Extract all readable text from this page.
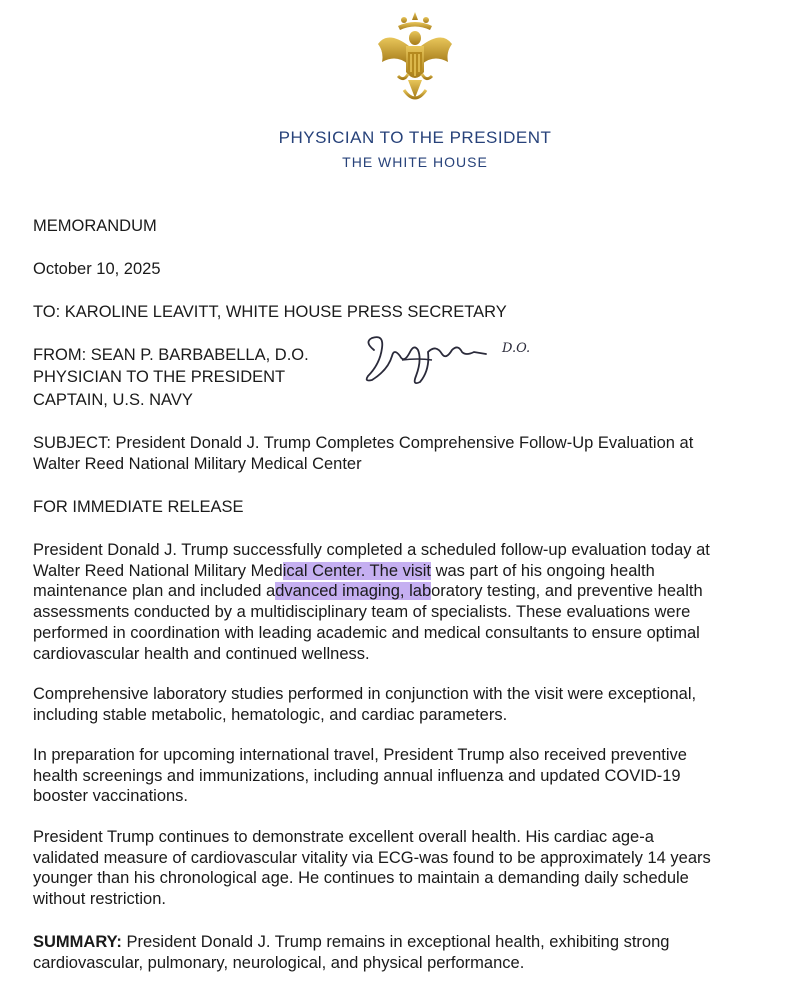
PHYSICIAN TO THE PRESIDENT
THE WHITE HOUSE
MEMORANDUM
October 10, 2025
TO: KAROLINE LEAVITT, WHITE HOUSE PRESS SECRETARY
FROM: SEAN P. BARBABELLA, D.O.
PHYSICIAN TO THE PRESIDENT
CAPTAIN, U.S. NAVY
D.O.

SUBJECT: President Donald J. Trump Completes Comprehensive Follow-Up Evaluation at

Walter Reed National Military Medical Center

FOR IMMEDIATE RELEASE

President Donald J. Trump successfully completed a scheduled follow-up evaluation today at

Walter Reed National Military Medical Center. The visit was part of his ongoing health

maintenance plan and included advanced imaging, laboratory testing, and preventive health

assessments conducted by a multidisciplinary team of specialists. These evaluations were

performed in coordination with leading academic and medical consultants to ensure optimal

cardiovascular health and continued wellness.

Comprehensive laboratory studies performed in conjunction with the visit were exceptional,

including stable metabolic, hematologic, and cardiac parameters.

In preparation for upcoming international travel, President Trump also received preventive

health screenings and immunizations, including annual influenza and updated COVID-19

booster vaccinations.

President Trump continues to demonstrate excellent overall health. His cardiac age-a

validated measure of cardiovascular vitality via ECG-was found to be approximately 14 years

younger than his chronological age. He continues to maintain a demanding daily schedule

without restriction.

SUMMARY: President Donald J. Trump remains in exceptional health, exhibiting strong

cardiovascular, pulmonary, neurological, and physical performance.
